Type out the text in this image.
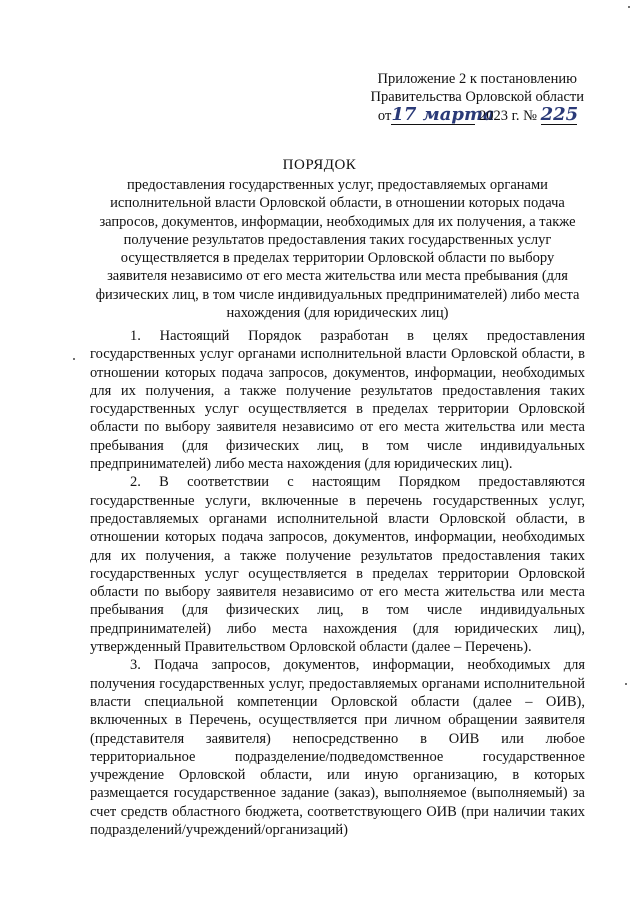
Приложение 2 к постановлению
Правительства Орловской области
от17 марта 2023 г. № 225
ПОРЯДОК
предоставления государственных услуг, предоставляемых органами исполнительной власти Орловской области, в отношении которых подача запросов, документов, информации, необходимых для их получения, а также получение результатов предоставления таких государственных услуг осуществляется в пределах территории Орловской области по выбору заявителя независимо от его места жительства или места пребывания (для физических лиц, в том числе индивидуальных предпринимателей) либо места нахождения (для юридических лиц)

1. Настоящий Порядок разработан в целях предоставления государственных услуг органами исполнительной власти Орловской области, в отношении которых подача запросов, документов, информации, необходимых для их получения, а также получение результатов предоставления таких государственных услуг осуществляется в пределах территории Орловской области по выбору заявителя независимо от его места жительства или места пребывания (для физических лиц, в том числе индивидуальных предпринимателей) либо места нахождения (для юридических лиц).

2. В соответствии с настоящим Порядком предоставляются государственные услуги, включенные в перечень государственных услуг, предоставляемых органами исполнительной власти Орловской области, в отношении которых подача запросов, документов, информации, необходимых для их получения, а также получение результатов предоставления таких государственных услуг осуществляется в пределах территории Орловской области по выбору заявителя независимо от его места жительства или места пребывания (для физических лиц, в том числе индивидуальных предпринимателей) либо места нахождения (для юридических лиц), утвержденный Правительством Орловской области (далее – Перечень).

3. Подача запросов, документов, информации, необходимых для получения государственных услуг, предоставляемых органами исполнительной власти специальной компетенции Орловской области (далее – ОИВ), включенных в Перечень, осуществляется при личном обращении заявителя (представителя заявителя) непосредственно в ОИВ или любое территориальное подразделение/подведомственное государственное учреждение Орловской области, или иную организацию, в которых размещается государственное задание (заказ), выполняемое (выполняемый) за счет средств областного бюджета, соответствующего ОИВ (при наличии таких подразделений/учреждений/организаций)
